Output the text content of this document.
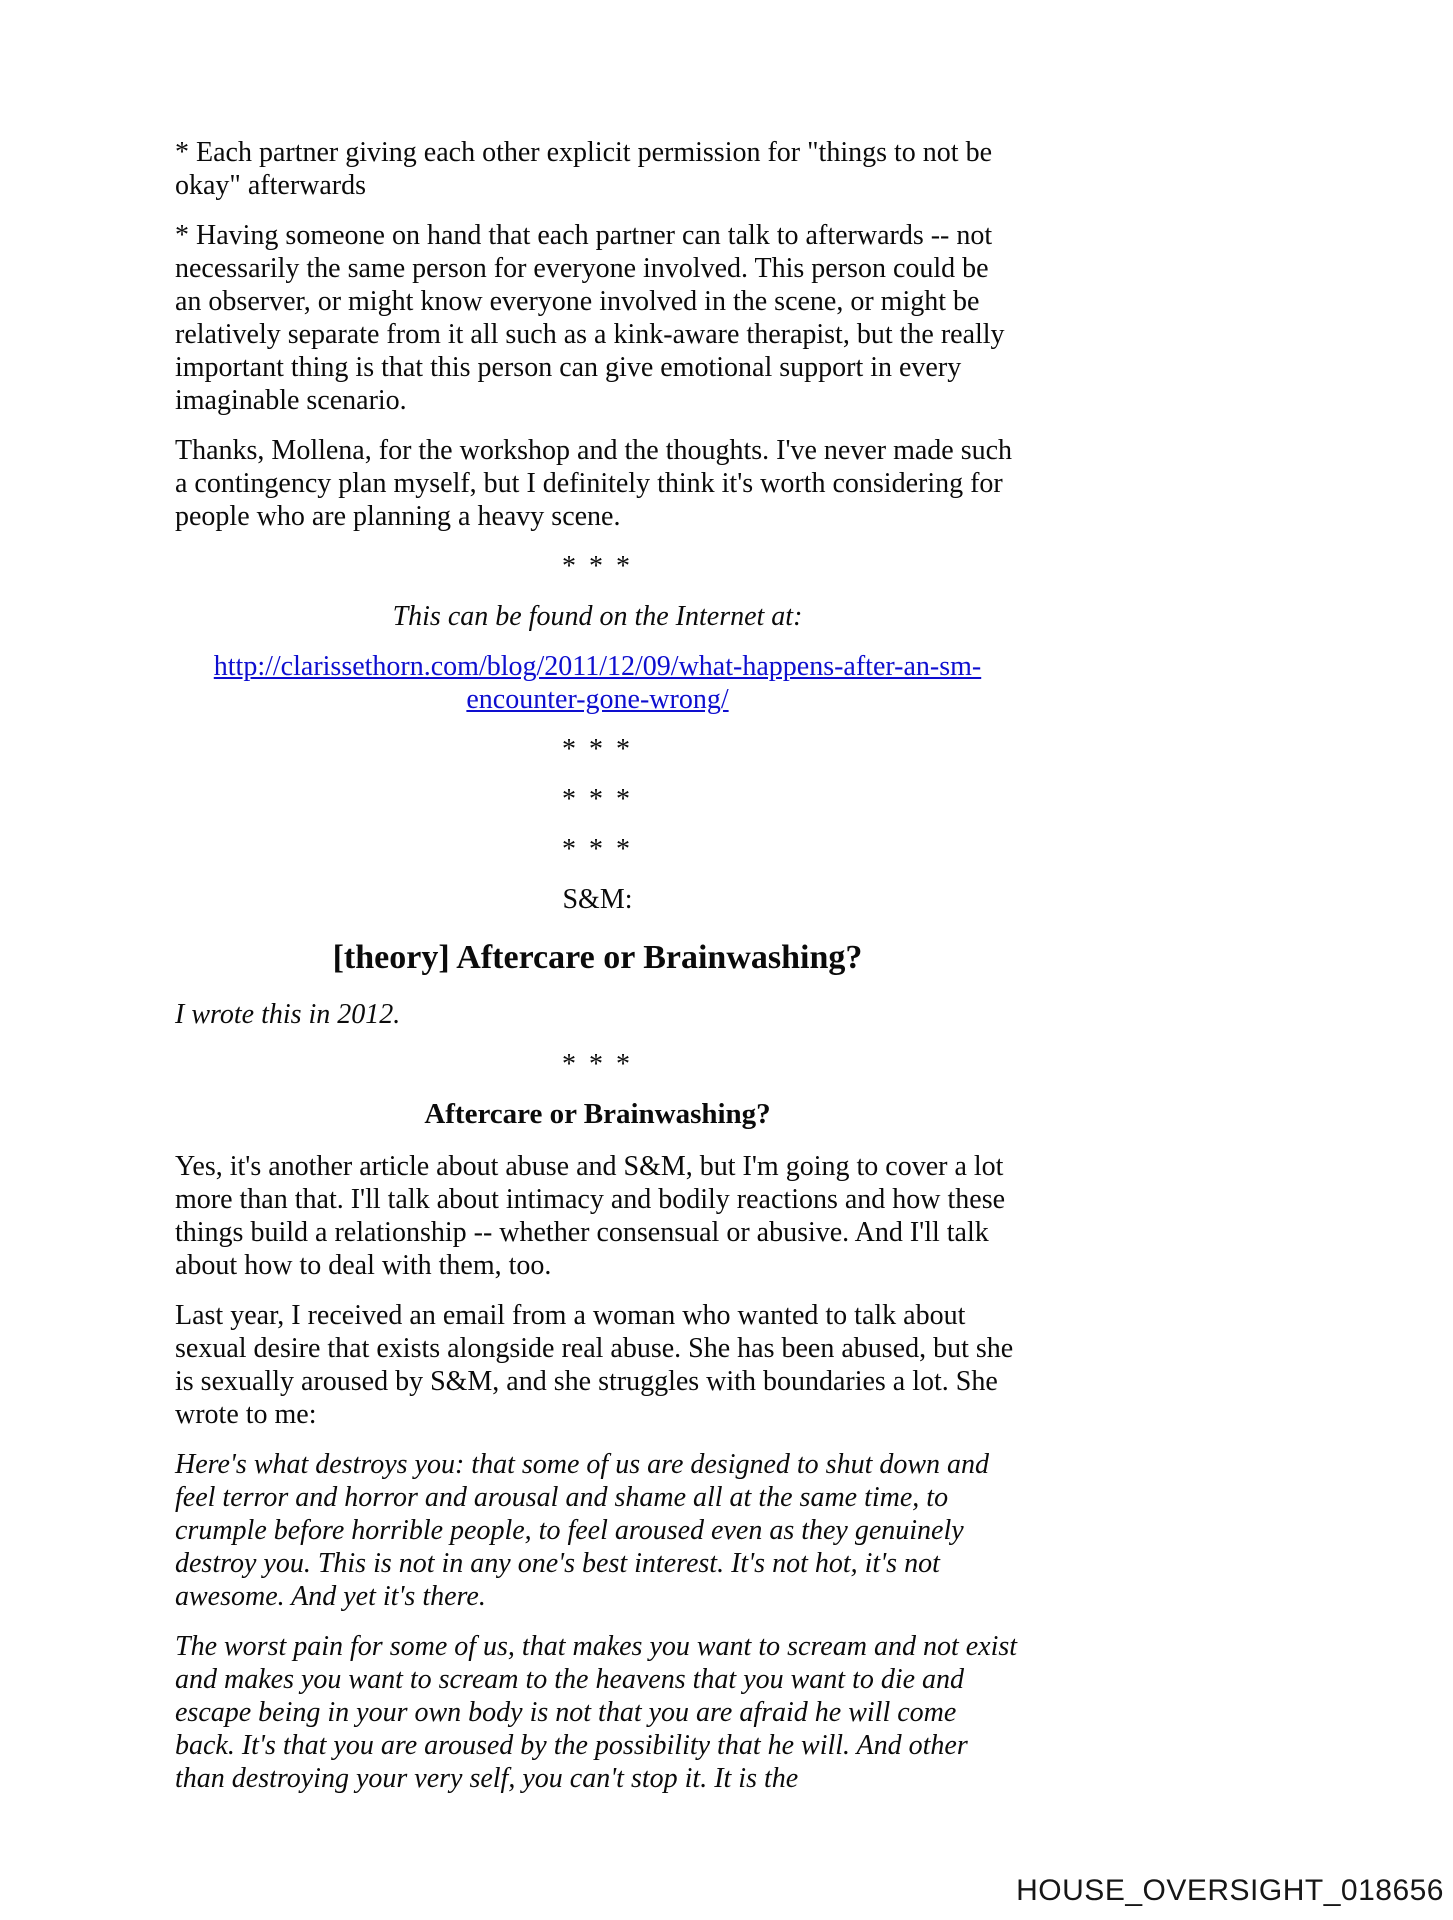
* Each partner giving each other explicit permission for "things to not be okay" afterwards

* Having someone on hand that each partner can talk to afterwards -- not necessarily the same person for everyone involved. This person could be an observer, or might know everyone involved in the scene, or might be relatively separate from it all such as a kink-aware therapist, but the really important thing is that this person can give emotional support in every imaginable scenario.

Thanks, Mollena, for the workshop and the thoughts. I've never made such a contingency plan myself, but I definitely think it's worth considering for people who are planning a heavy scene.

* * *

This can be found on the Internet at:

http://clarissethorn.com/blog/2011/12/09/what-happens-after-an-sm-encounter-gone-wrong/

* * *

* * *

* * *

S&M:

[theory] Aftercare or Brainwashing?

I wrote this in 2012.

* * *

Aftercare or Brainwashing?

Yes, it's another article about abuse and S&M, but I'm going to cover a lot more than that. I'll talk about intimacy and bodily reactions and how these things build a relationship -- whether consensual or abusive. And I'll talk about how to deal with them, too.

Last year, I received an email from a woman who wanted to talk about sexual desire that exists alongside real abuse. She has been abused, but she is sexually aroused by S&M, and she struggles with boundaries a lot. She wrote to me:

Here's what destroys you: that some of us are designed to shut down and feel terror and horror and arousal and shame all at the same time, to crumple before horrible people, to feel aroused even as they genuinely destroy you. This is not in any one's best interest. It's not hot, it's not awesome. And yet it's there.

The worst pain for some of us, that makes you want to scream and not exist and makes you want to scream to the heavens that you want to die and escape being in your own body is not that you are afraid he will come back. It's that you are aroused by the possibility that he will. And other than destroying your very self, you can't stop it. It is the

HOUSE_OVERSIGHT_018656
